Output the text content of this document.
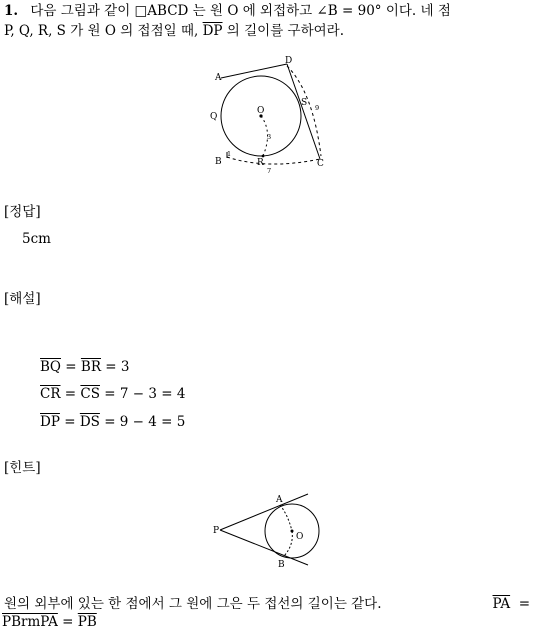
1. 다음 그림과 같이 □ABCD 는 원 O 에 외접하고 ∠B = 90° 이다. 네 점
P, Q, R, S 가 원 O 의 접점일 때, $\overline{DP}$ 의 길이를 구하여라.
A
D
Q
O
S
B	R	C
1
3
7
9
[정답]
5cm
[해설]
$\overline{BQ} = \overline{BR} = 3$
$\overline{CR} = \overline{CS} = 7 - 3 = 4$
$\overline{DP} = \overline{DS} = 9 - 4 = 5$
[힌트]
P
A
B
O
원의 외부에 있는 한 점에서 그 원에 그은 두 접선의 길이는 같다.	$\overline{PA}$ =
PBrmPA = $\overline{PB}$
